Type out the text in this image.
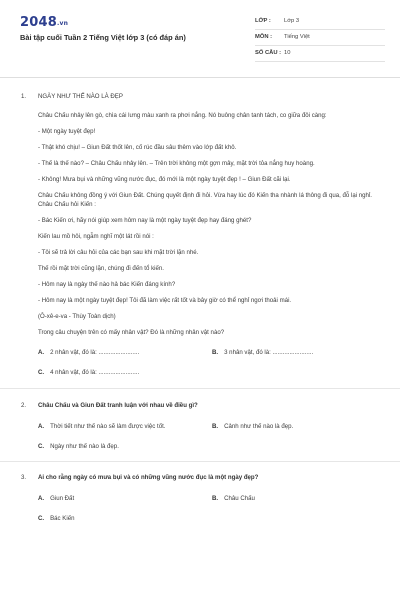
2048.vn
Bài tập cuối Tuần 2 Tiếng Việt lớp 3 (có đáp án)
LỚP : Lớp 3
MÔN : Tiếng Việt
SỐ CÂU : 10
1. NGÀY NHƯ THẾ NÀO LÀ ĐẸP

Châu Chấu nhảy lên gò, chìa cái lưng màu xanh ra phơi nắng. Nó buông chân tanh tách, co giữa đôi càng:

- Một ngày tuyệt đẹp!

- Thật khó chịu! – Giun Đất thốt lên, cố rúc đầu sâu thêm vào lớp đất khô.

- Thế là thế nào? – Châu Chấu nhảy lên. – Trên trời không một gợn mây, mặt trời tỏa nắng huy hoàng.

- Không! Mưa bụi và những vũng nước đục, đó mới là một ngày tuyệt đẹp ! – Giun Đất cãi lại.

Châu Chấu không đồng ý với Giun Đất. Chúng quyết định đi hỏi. Vừa hay lúc đó Kiến tha nhành lá thông đi qua, đỗ lại nghỉ. Châu Chấu hỏi Kiến :

- Bác Kiến ơi, hãy nói giúp xem hôm nay là một ngày tuyệt đẹp hay đáng ghét?

Kiến lau mồ hôi, ngẫm nghĩ một lát rồi nói :

- Tôi sẽ trả lời câu hỏi của các bạn sau khi mặt trời lặn nhé.

Thế rồi mặt trời cũng lặn, chúng đi đến tổ kiến.

- Hôm nay là ngày thế nào hả bác Kiến đáng kính?

- Hôm nay là một ngày tuyệt đẹp! Tôi đã làm việc rất tốt và bây giờ có thể nghỉ ngơi thoải mái.

(Ô-xê-e-va - Thùy Toàn dịch)

Trong câu chuyện trên có mấy nhân vật? Đó là những nhân vật nào?

A. 2 nhân vật, đó là: ........................	B. 3 nhân vật, đó là: ........................
C. 4 nhân vật, đó là: ........................
2. Châu Chấu và Giun Đất tranh luận với nhau về điều gì?
A. Thời tiết như thế nào sẽ làm được việc tốt.	B. Cảnh như thế nào là đẹp.
C. Ngày như thế nào là đẹp.
3. Ai cho rằng ngày có mưa bụi và có những vũng nước đục là một ngày đẹp?
A. Giun Đất	B. Châu Chấu
C. Bác Kiến
